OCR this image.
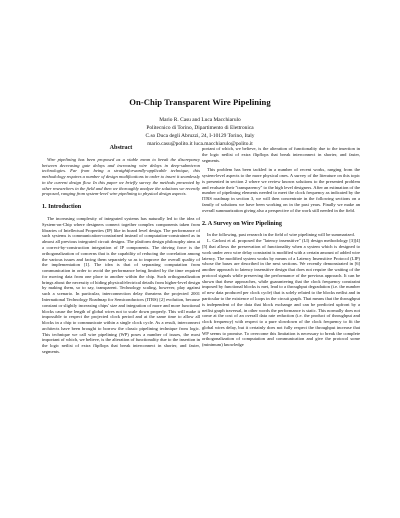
On-Chip Transparent Wire Pipelining
Mario R. Casu and Luca Macchiarulo
Politecnico di Torino, Dipartimento di Elettronica
C.so Duca degli Abruzzi, 24, I-10129 Torino, Italy
mario.casu@polito.it luca.macchiarulo@polito.it
Abstract

Wire pipelining has been proposed as a viable mean to break the discrepancy between decreasing gate delays and increasing wire delays in deep-submicron technologies. Far from being a straightforwardly-applicable technique, this methodology requires a number of design modifications in order to insert it seamlessly in the current design flow. In this paper we briefly survey the methods presented by other researchers in the field and then we thoroughly analyze the solutions we recently proposed, ranging from system-level wire pipelining to physical design aspects.

1. Introduction

The increasing complexity of integrated systems has naturally led to the idea of System-on-Chip where designers connect together complex components taken from libraries of Intellectual Properties (IP) like in board level design. The performance of such systems is communication-constrained instead of computation-constrained as in almost all previous integrated circuit designs. The platform design philosophy aims at a correct-by-construction integration of IP components. The driving force is the orthogonalization of concerns that is the capability of reducing the correlation among the various issues and facing them separately so as to improve the overall quality of the implementation [1]. The idea is that of separating computation from communication in order to avoid the performance being limited by the time required for moving data from one place to another within the chip. Such orthogonalization brings about the necessity of hiding physical/electrical details from higher-level design by making them, so to say, transparent. Technology scaling, however, play against such a scenario. In particular, interconnection delay threatens the projected 2001 International Technology Roadmap for Semiconductors (ITRS) [2] evolution, because constant or slightly increasing chips' size and integration of more and more functional blocks cause the length of global wires not to scale down properly. This will make it impossible to respect the projected clock period and at the same time to allow all blocks in a chip to communicate within a single clock cycle. As a result, interconnect architects have been brought to borrow the classic pipelining technique from logic. This technique we call wire pipelining (WP) poses a number of issues, the most important of which, we believe, is the alteration of functionality due to the insertion in the logic netlist of extra flipflops that break interconnect in shorter, and faster, segments.

portant of which, we believe, is the alteration of functionality due to the insertion in the logic netlist of extra flipflops that break interconnect in shorter, and faster, segments.

This problem has been tackled in a number of recent works, ranging from the system-level aspects to the more physical ones. A survey of the literature on this topic is presented in section 2 where we review known solutions to the presented problem and evaluate their "transparency" to the high level designers. After an estimation of the number of pipelining elements needed to meet the clock frequency as indicated by the ITRS roadmap in section 3, we will then concentrate in the following sections on a family of solutions we have been working on in the past years. Finally we make an overall summarization giving also a perspective of the work still needed in the field.

2. A Survey on Wire Pipelining

In the following, past research in the field of wire pipelining will be summarized.

L. Carloni et al. proposed the "latency insensitive" (LI) design methodology [3][4][5] that allows the preservation of functionality when a system which is designed to work under zero wire delay constraint is modified with a certain amount of added wire latency. The modified system works by means of a Latency Insensitive Protocol (LIP) whose the bases are described in the next sections. We recently demonstrated in [6] another approach to latency insensitive design that does not require the waiting of the protocol signals while preserving the performance of the previous approach. It can be shown that these approaches, while guaranteeing that the clock frequency constraint imposed by functional blocks is met, lead to a throughput degradation (i.e. the number of new data produced per clock cycle) that is solely related to the blocks netlist and in particular to the existence of loops in the circuit graph. That means that the throughput is independent of the data that block exchange and can be predicted upfront by a netlist graph traversal, in other words the performance is static. This normally does not come at the cost of an overall data rate reduction (i.e. the product of throughput and clock frequency) with respect to a pure slowdown of the clock frequency to fit the global wires delay, but it certainly does not fully respect the throughput increase that WP seems to promise. To overcome this limitation is necessary to break the complete orthogonalization of computation and communication and give the protocol some (minimum) knowledge
